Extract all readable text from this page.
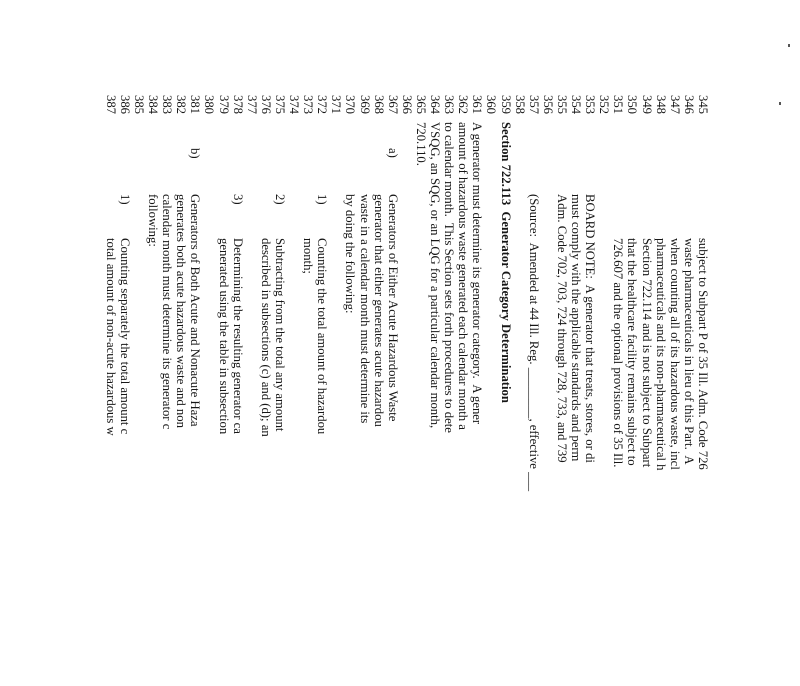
345
subject to Subpart P of 35 Ill. Adm. Code 726
346
waste pharmaceuticals in lieu of this Part.  A
347
when counting all of its hazardous waste, incl
348
pharmaceuticals and its non-pharmaceutical h
349
Section 722.114 and is not subject to Subpart
350
that the healthcare facility remains subject to
351
726.607 and the optional provisions of 35 Ill.
352
353
BOARD NOTE:  A generator that treats, stores, or di
354
must comply with the applicable standards and perm
355
Adm. Code 702, 703, 724 through 728, 733, and 739
356
357
(Source:  Amended at 44 Ill. Reg. ________, effective ___
358
359
Section 722.113  Generator Category Determination
360
361
A generator must determine its generator category.  A gener
362
amount of hazardous waste generated each calendar month a
363
to calendar month.  This Section sets forth procedures to dete
364
VSQG, an SQG, or an LQG for a particular calendar month,
365
720.110.
366
367
a)
Generators of Either Acute Hazardous Waste
368
generator that either generates acute hazardou
369
waste in a calendar month must determine its
370
by doing the following:
371
372
1)
Counting the total amount of hazardou
373
month;
374
375
2)
Subtracting from the total any amount
376
described in subsections (c) and (d); an
377
378
3)
Determining the resulting generator ca
379
generated using the table in subsection
380
381
b)
Generators of Both Acute and Nonacute Haza
382
generates both acute hazardous waste and non
383
calendar month must determine its generator c
384
following:
385
386
1)
Counting separately the total amount c
387
total amount of non-acute hazardous w
